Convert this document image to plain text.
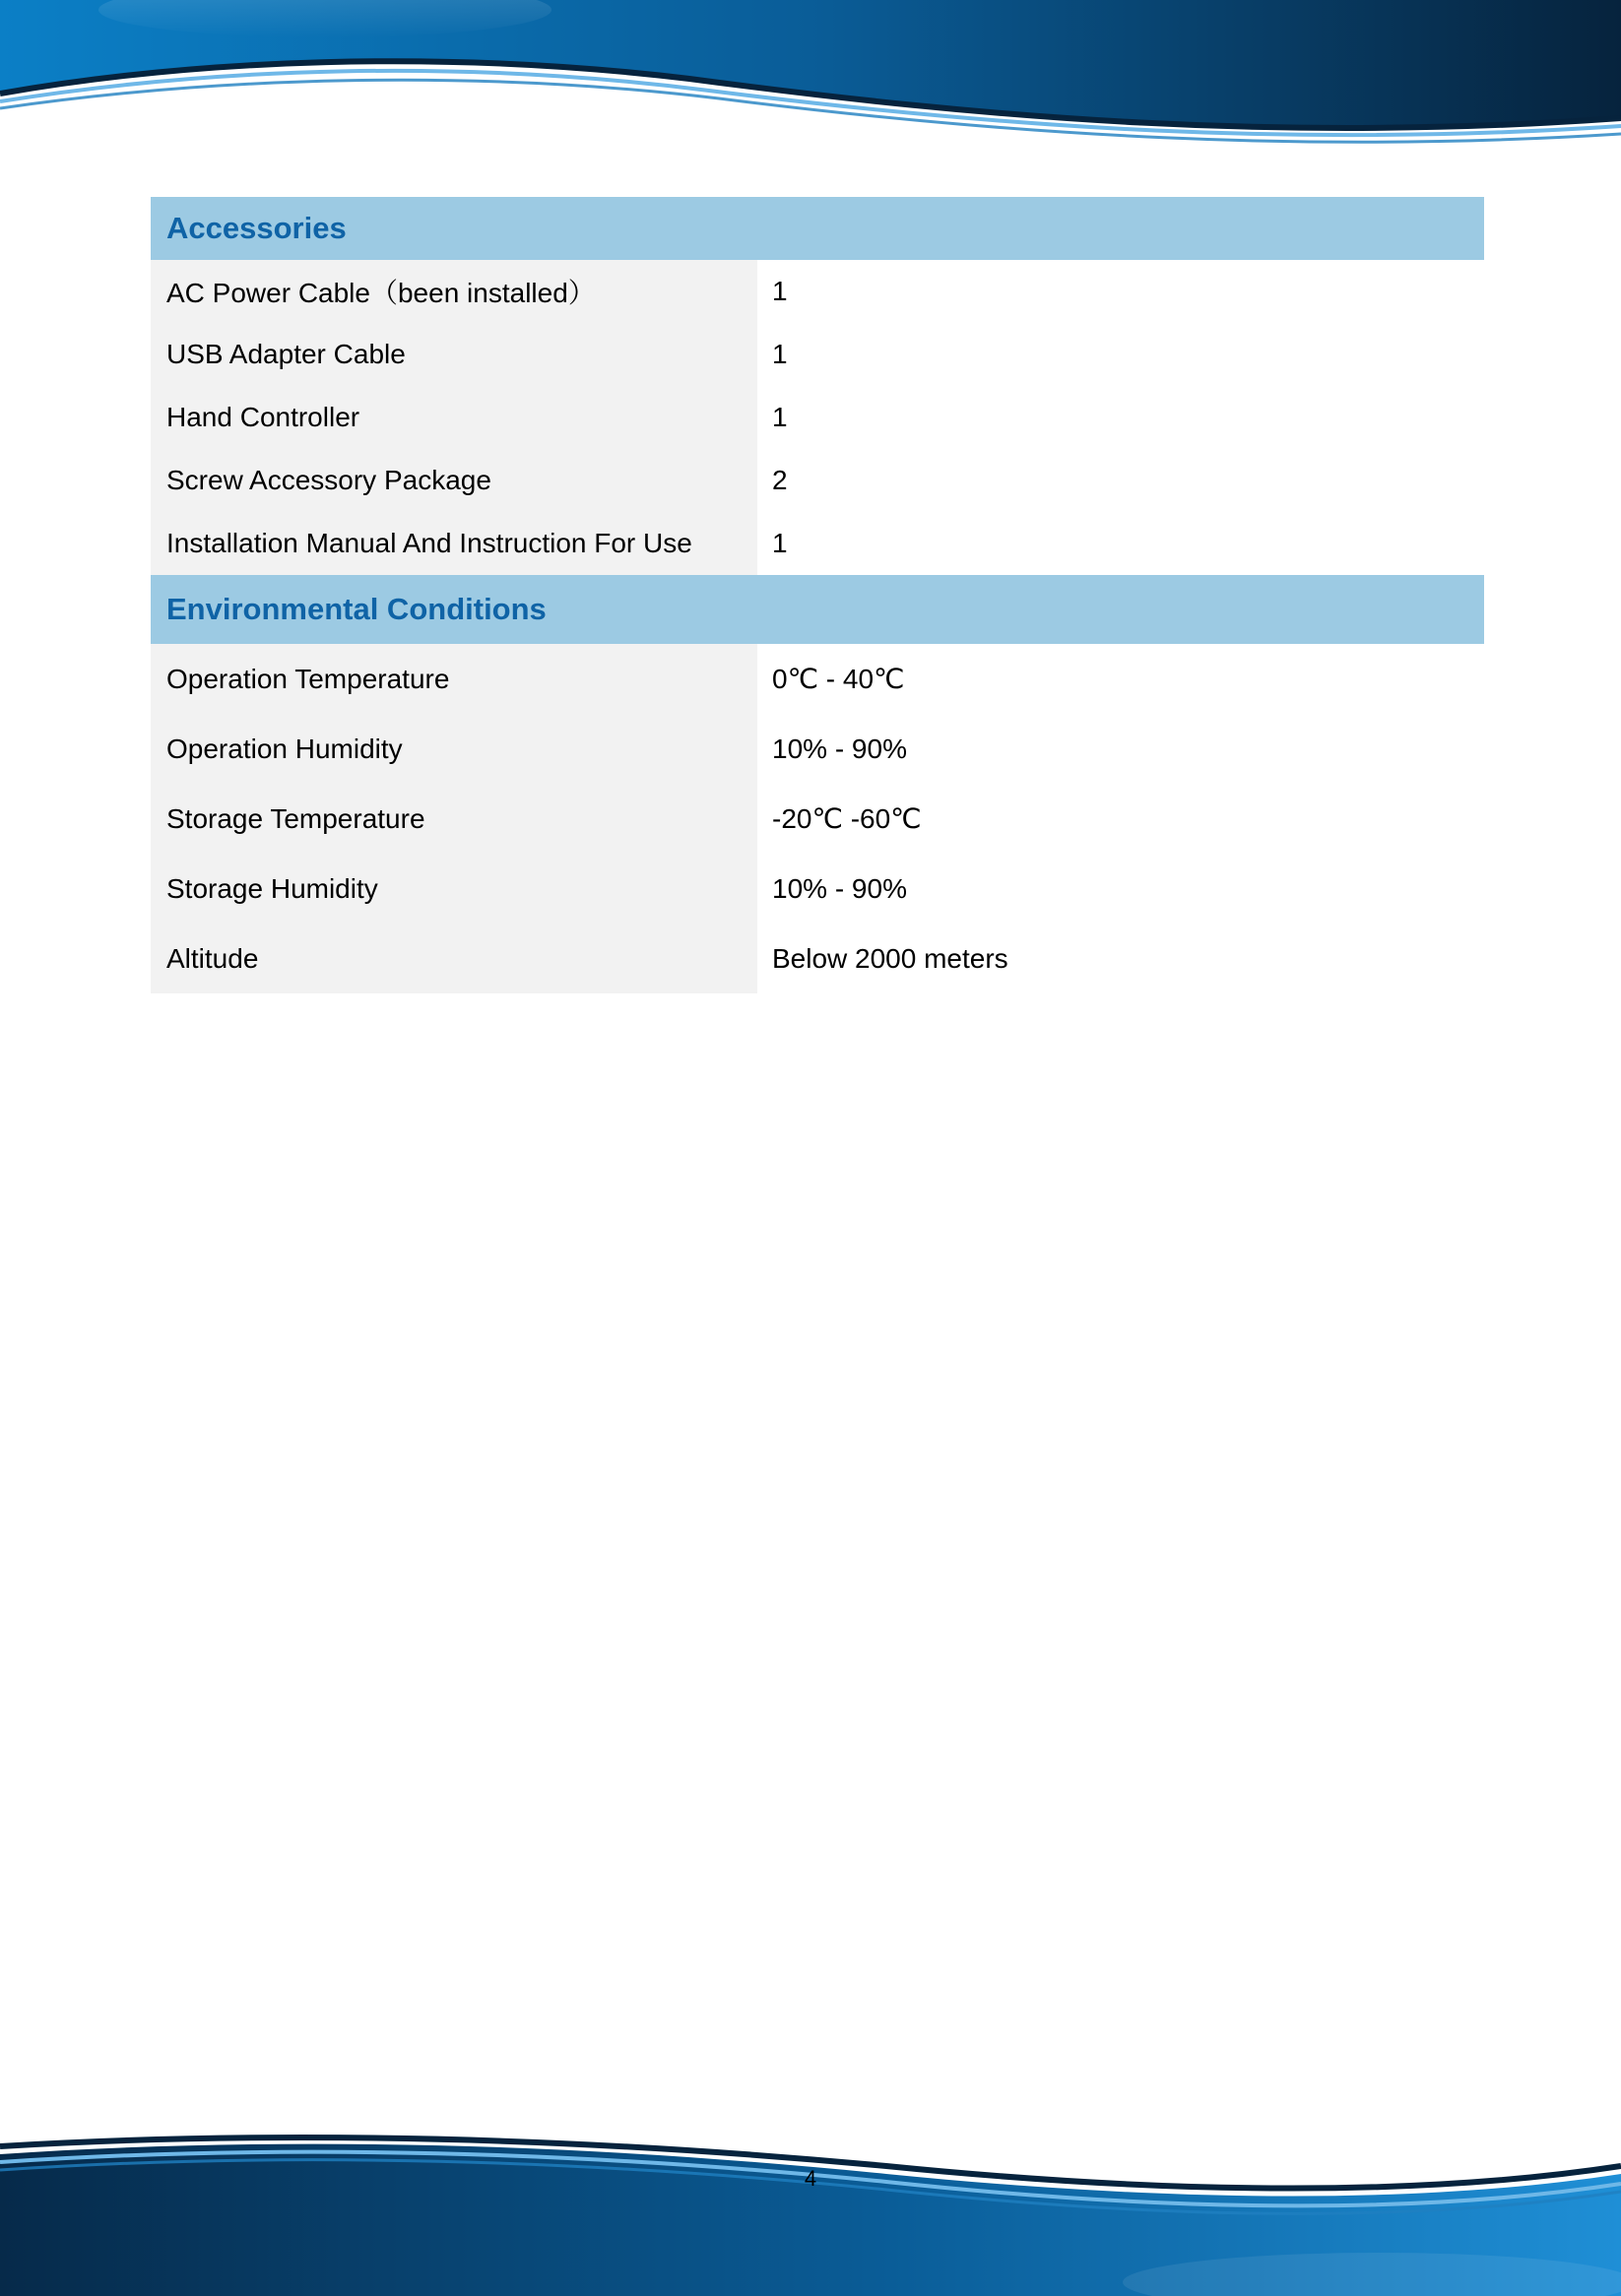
Accessories
AC Power Cable（been installed）	1
USB Adapter Cable	1
Hand Controller	1
Screw Accessory Package	2
Installation Manual And Instruction For Use	1
Environmental Conditions
Operation Temperature	0℃ - 40℃
Operation Humidity	10% - 90%
Storage Temperature	-20℃ -60℃
Storage Humidity	10% - 90%
Altitude	Below 2000 meters
4
